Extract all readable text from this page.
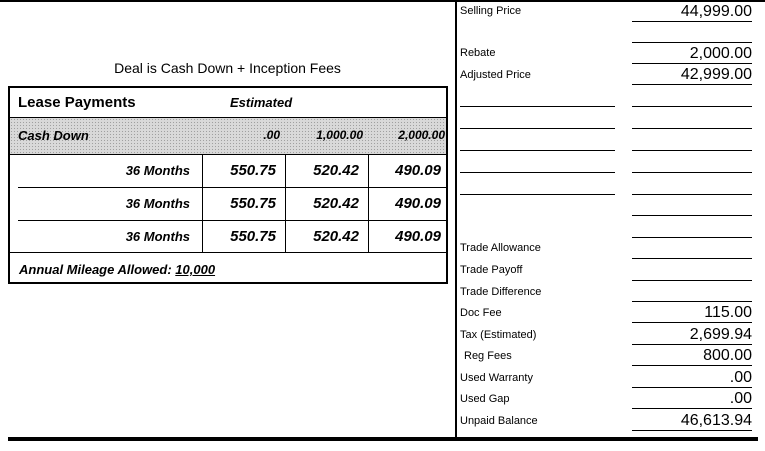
Deal is Cash Down + Inception Fees
Lease Payments	Estimated
Cash Down	.00	1,000.00	2,000.00
36 Months	550.75	520.42	490.09
36 Months	550.75	520.42	490.09
36 Months	550.75	520.42	490.09
Annual Mileage Allowed: 10,000
Selling Price	44,999.00
Rebate	2,000.00
Adjusted Price	42,999.00
Trade Allowance
Trade Payoff
Trade Difference
Doc Fee	115.00
Tax (Estimated)	2,699.94
Reg Fees	800.00
Used Warranty	.00
Used Gap	.00
Unpaid Balance	46,613.94
